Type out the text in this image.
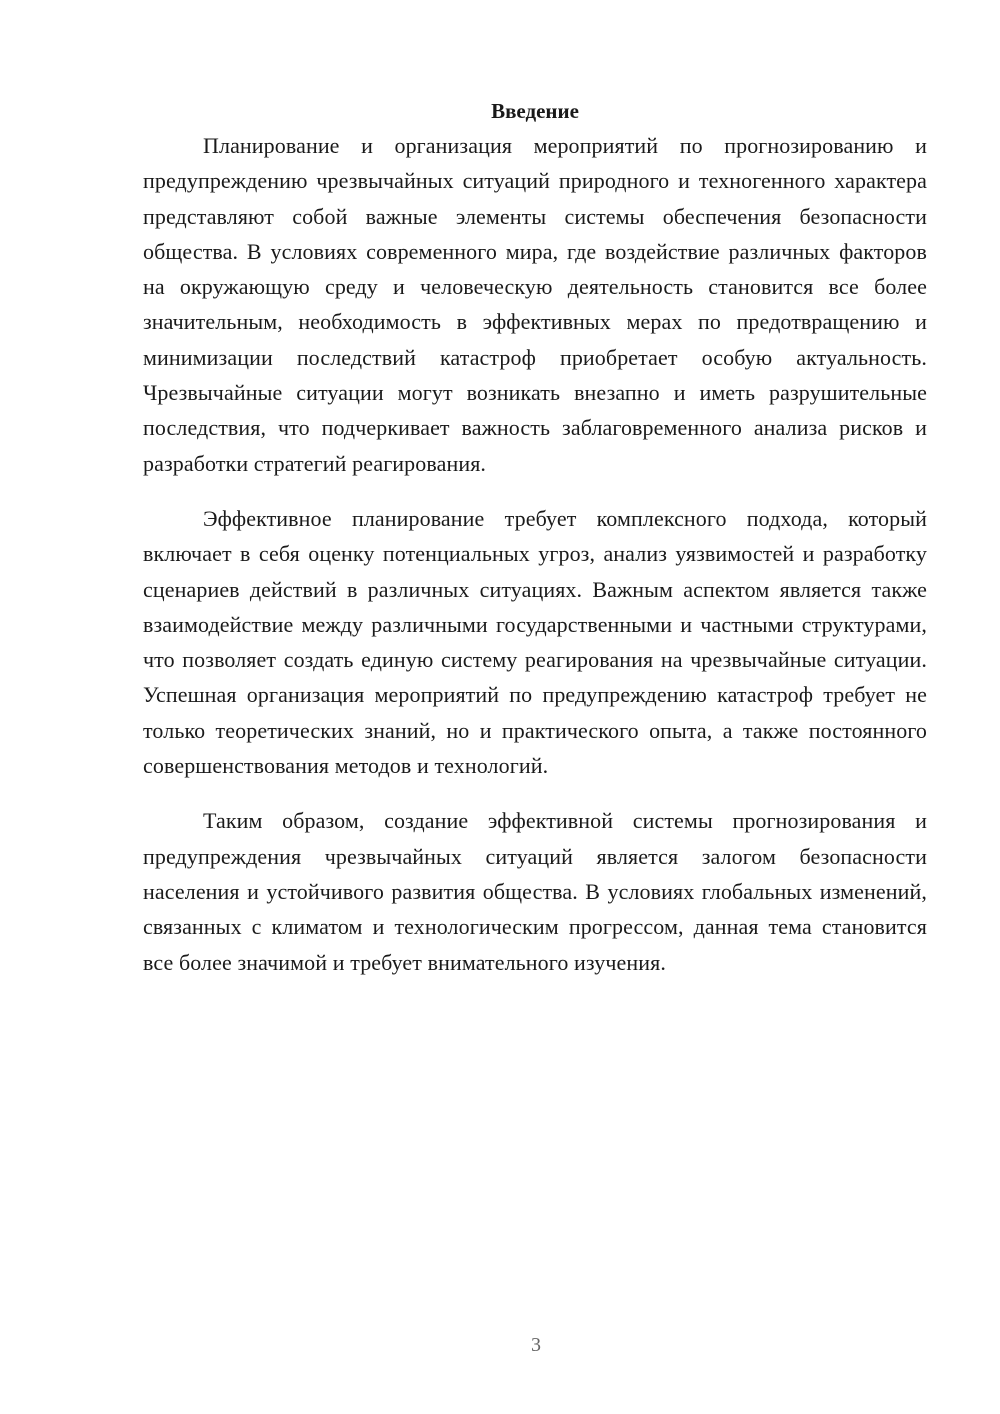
Введение

Планирование и организация мероприятий по прогнозированию и предупреждению чрезвычайных ситуаций природного и техногенного характера представляют собой важные элементы системы обеспечения безопасности общества. В условиях современного мира, где воздействие различных факторов на окружающую среду и человеческую деятельность становится все более значительным, необходимость в эффективных мерах по предотвращению и минимизации последствий катастроф приобретает особую актуальность. Чрезвычайные ситуации могут возникать внезапно и иметь разрушительные последствия, что подчеркивает важность заблаговременного анализа рисков и разработки стратегий реагирования.

Эффективное планирование требует комплексного подхода, который включает в себя оценку потенциальных угроз, анализ уязвимостей и разработку сценариев действий в различных ситуациях. Важным аспектом является также взаимодействие между различными государственными и частными структурами, что позволяет создать единую систему реагирования на чрезвычайные ситуации. Успешная организация мероприятий по предупреждению катастроф требует не только теоретических знаний, но и практического опыта, а также постоянного совершенствования методов и технологий.

Таким образом, создание эффективной системы прогнозирования и предупреждения чрезвычайных ситуаций является залогом безопасности населения и устойчивого развития общества. В условиях глобальных изменений, связанных с климатом и технологическим прогрессом, данная тема становится все более значимой и требует внимательного изучения.

3
